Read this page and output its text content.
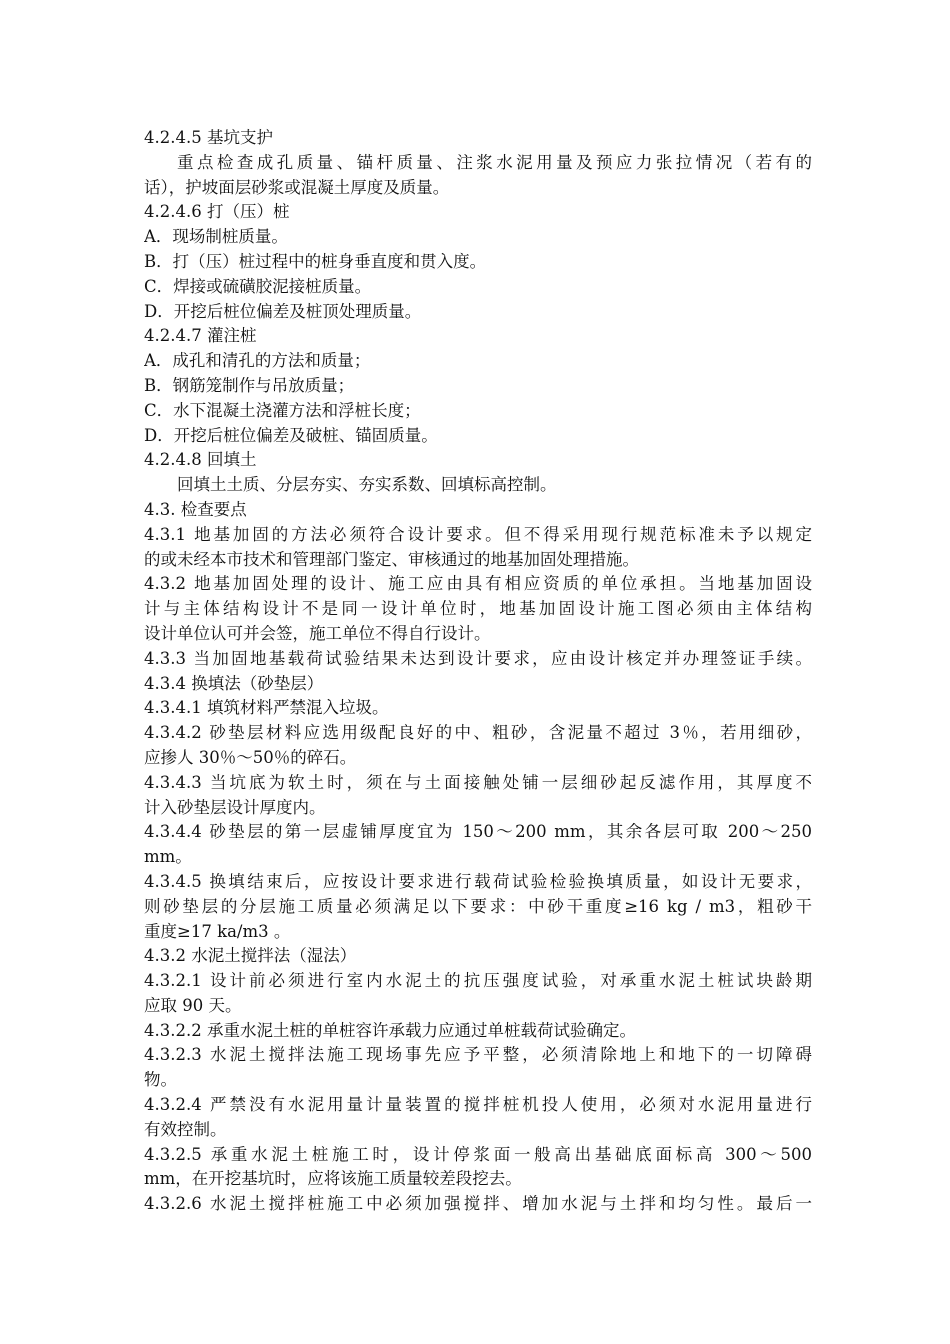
4.2.4.5 基坑支护
重点检查成孔质量、锚杆质量、注浆水泥用量及预应力张拉情况（若有的
话），护坡面层砂浆或混凝土厚度及质量。
4.2.4.6 打（压）桩
A．现场制桩质量。
B．打（压）桩过程中的桩身垂直度和贯入度。
C．焊接或硫磺胶泥接桩质量。
D．开挖后桩位偏差及桩顶处理质量。
4.2.4.7 灌注桩
A．成孔和清孔的方法和质量；
B．钢筋笼制作与吊放质量；
C．水下混凝土浇灌方法和浮桩长度；
D．开挖后桩位偏差及破桩、锚固质量。
4.2.4.8 回填土
回填土土质、分层夯实、夯实系数、回填标高控制。
4.3. 检查要点
4.3.1 地基加固的方法必须符合设计要求。但不得采用现行规范标准未予以规定
的或未经本市技术和管理部门鉴定、审核通过的地基加固处理措施。
4.3.2 地基加固处理的设计、施工应由具有相应资质的单位承担。当地基加固设
计与主体结构设计不是同一设计单位时，地基加固设计施工图必须由主体结构
设计单位认可并会签，施工单位不得自行设计。
4.3.3 当加固地基载荷试验结果未达到设计要求，应由设计核定并办理签证手续。
4.3.4 换填法（砂垫层）
4.3.4.1 填筑材料严禁混入垃圾。
4.3.4.2 砂垫层材料应选用级配良好的中、粗砂，含泥量不超过 3％，若用细砂，
应掺人 30％～50％的碎石。
4.3.4.3 当坑底为软土时，须在与土面接触处铺一层细砂起反滤作用，其厚度不
计入砂垫层设计厚度内。
4.3.4.4 砂垫层的第一层虚铺厚度宜为 150～200 mm，其余各层可取 200～250
mm。
4.3.4.5 换填结束后，应按设计要求进行载荷试验检验换填质量，如设计无要求，
则砂垫层的分层施工质量必须满足以下要求：中砂干重度≥16 kg / m3，粗砂干
重度≥17 ka/m3 。
4.3.2 水泥土搅拌法（湿法）
4.3.2.1 设计前必须进行室内水泥土的抗压强度试验，对承重水泥土桩试块龄期
应取 90 天。
4.3.2.2 承重水泥土桩的单桩容许承载力应通过单桩载荷试验确定。
4.3.2.3 水泥土搅拌法施工现场事先应予平整，必须清除地上和地下的一切障碍
物。
4.3.2.4 严禁没有水泥用量计量装置的搅拌桩机投人使用，必须对水泥用量进行
有效控制。
4.3.2.5 承重水泥土桩施工时，设计停浆面一般高出基础底面标高 300～500
mm，在开挖基坑时，应将该施工质量较差段挖去。
4.3.2.6 水泥土搅拌桩施工中必须加强搅拌、增加水泥与土拌和均匀性。最后一
